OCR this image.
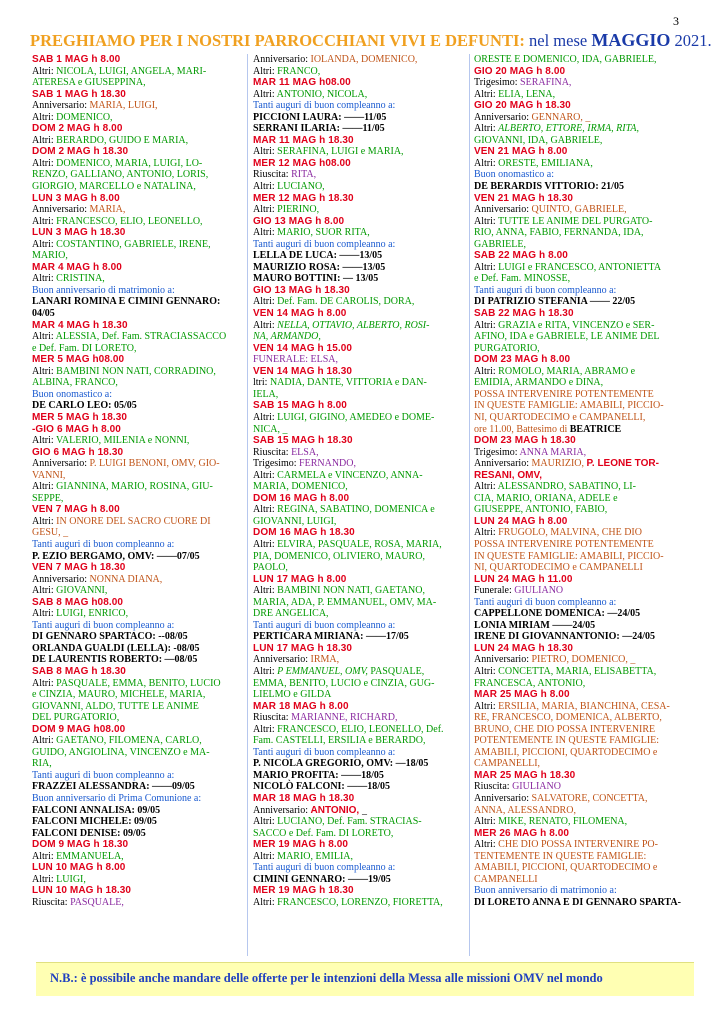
3
PREGHIAMO PER I NOSTRI PARROCCHIANI VIVI E DEFUNTI: nel mese MAGGIO 2021.
SAB 1 MAG h 8.00
Altri: NICOLA, LUIGI, ANGELA, MARI-
ATERESA e GIUSEPPINA,
SAB 1 MAG h 18.30
Anniversario: MARIA, LUIGI,
Altri: DOMENICO,
DOM 2 MAG h 8.00
Altri: BERARDO, GUIDO E MARIA,
DOM 2 MAG h 18.30
Altri: DOMENICO, MARIA, LUIGI, LO-
RENZO, GALLIANO, ANTONIO, LORIS,
GIORGIO, MARCELLO e NATALINA,
LUN 3 MAG h 8.00
Anniversario: MARIA,
Altri: FRANCESCO, ELIO, LEONELLO,
LUN 3 MAG h 18.30
Altri: COSTANTINO, GABRIELE, IRENE,
MARIO,
MAR 4 MAG h 8.00
Altri: CRISTINA,
Buon anniversario di matrimonio a:
LANARI ROMINA E CIMINI GENNARO:
04/05
MAR 4 MAG h 18.30
Altri: ALESSIA, Def. Fam. STRACIASSACCO
e Def. Fam. DI LORETO,
MER 5 MAG h08.00
Altri: BAMBINI NON NATI, CORRADINO,
ALBINA, FRANCO,
Buon onomastico a:
DE CARLO LEO: 05/05
MER 5 MAG h 18.30
-GIO 6 MAG h 8.00
Altri: VALERIO, MILENIA e NONNI,
GIO 6 MAG h 18.30
Anniversario: P. LUIGI BENONI, OMV, GIO-
VANNI,
Altri: GIANNINA, MARIO, ROSINA, GIU-
SEPPE,
VEN 7 MAG h 8.00
Altri: IN ONORE DEL SACRO CUORE DI
GESU, _
Tanti auguri di buon compleanno a:
P. EZIO BERGAMO, OMV: ——07/05
VEN 7 MAG h 18.30
Anniversario: NONNA DIANA,
Altri: GIOVANNI,
SAB 8 MAG h08.00
Altri: LUIGI, ENRICO,
Tanti auguri di buon compleanno a:
DI GENNARO SPARTACO: --08/05
ORLANDA GUALDI (LELLA): -08/05
DE LAURENTIS ROBERTO: —08/05
SAB 8 MAG h 18.30
Altri: PASQUALE, EMMA, BENITO, LUCIO
e CINZIA, MAURO, MICHELE, MARIA,
GIOVANNI, ALDO, TUTTE LE ANIME
DEL PURGATORIO,
DOM 9 MAG h08.00
Altri: GAETANO, FILOMENA, CARLO,
GUIDO, ANGIOLINA, VINCENZO e MA-
RIA,
Tanti auguri di buon compleanno a:
FRAZZEI ALESSANDRA: ——09/05
Buon anniversario di Prima Comunione a:
FALCONI ANNALISA: 09/05
FALCONI MICHELE: 09/05
FALCONI DENISE: 09/05
DOM 9 MAG h 18.30
Altri: EMMANUELA,
LUN 10 MAG h 8.00
Altri: LUIGI,
LUN 10 MAG h 18.30
Riuscita: PASQUALE,
Anniversario: IOLANDA, DOMENICO,
Altri: FRANCO,
MAR 11 MAG h08.00
Altri: ANTONIO, NICOLA,
Tanti auguri di buon compleanno a:
PICCIONI LAURA: ——11/05
SERRANI ILARIA: ——11/05
MAR 11 MAG h 18.30
Altri: SERAFINA, LUIGI e MARIA,
MER 12 MAG h08.00
Riuscita: RITA,
Altri: LUCIANO,
MER 12 MAG h 18.30
Altri: PIERINO,
GIO 13 MAG h 8.00
Altri: MARIO, SUOR RITA,
Tanti auguri di buon compleanno a:
LELLA DE LUCA: ——13/05
MAURIZIO ROSA: ——13/05
MAURO BOTTINI: — 13/05
GIO 13 MAG h 18.30
Altri: Def. Fam. DE CAROLIS, DORA,
VEN 14 MAG h 8.00
Altri: NELLA, OTTAVIO, ALBERTO, ROSI-
NA, ARMANDO,
VEN 14 MAG h 15.00
FUNERALE: ELSA,
VEN 14 MAG h 18.30
ltri: NADIA, DANTE, VITTORIA e DAN-
IELA,
SAB 15 MAG h 8.00
Altri: LUIGI, GIGINO, AMEDEO e DOME-
NICA, _
SAB 15 MAG h 18.30
Riuscita: ELSA,
Trigesimo: FERNANDO,
Altri: CARMELA e VINCENZO, ANNA-
MARIA, DOMENICO,
DOM 16 MAG h 8.00
Altri: REGINA, SABATINO, DOMENICA e
GIOVANNI, LUIGI,
DOM 16 MAG h 18.30
Altri: ELVIRA, PASQUALE, ROSA, MARIA,
PIA, DOMENICO, OLIVIERO, MAURO,
PAOLO,
LUN 17 MAG h 8.00
Altri: BAMBINI NON NATI, GAETANO,
MARIA, ADA, P. EMMANUEL, OMV, MA-
DRE ANGELICA,
Tanti auguri di buon compleanno a:
PERTICARA MIRIANA: ——17/05
LUN 17 MAG h 18.30
Anniversario: IRMA,
Altri: P EMMANUEL, OMV, PASQUALE,
EMMA, BENITO, LUCIO e CINZIA, GUG-
LIELMO e GILDA
MAR 18 MAG h 8.00
Riuscita: MARIANNE, RICHARD,
Altri: FRANCESCO, ELIO, LEONELLO, Def.
Fam. CASTELLI, ERSILIA e BERARDO,
Tanti auguri di buon compleanno a:
P. NICOLA GREGORIO, OMV: —18/05
MARIO PROFITA: ——18/05
NICOLÒ FALCONI: ——18/05
MAR 18 MAG h 18.30
Anniversario: ANTONIO, _
Altri: LUCIANO, Def. Fam. STRACIAS-
SACCO e Def. Fam. DI LORETO,
MER 19 MAG h 8.00
Altri: MARIO, EMILIA,
Tanti auguri di buon compleanno a:
CIMINI GENNARO: ——19/05
MER 19 MAG h 18.30
Altri: FRANCESCO, LORENZO, FIORETTA,
ORESTE E DOMENICO, IDA, GABRIELE,
GIO 20 MAG h 8.00
Trigesimo: SERAFINA,
Altri: ELIA, LENA,
GIO 20 MAG h 18.30
Anniversario: GENNARO, _
Altri: ALBERTO, ETTORE, IRMA, RITA,
GIOVANNI, IDA, GABRIELE,
VEN 21 MAG h 8.00
Altri: ORESTE, EMILIANA,
Buon onomastico a:
DE BERARDIS VITTORIO: 21/05
VEN 21 MAG h 18.30
Anniversario: QUINTO, GABRIELE,
Altri: TUTTE LE ANIME DEL PURGATO-
RIO, ANNA, FABIO, FERNANDA, IDA,
GABRIELE,
SAB 22 MAG h 8.00
Altri: LUIGI e FRANCESCO, ANTONIETTA
e Def. Fam. MINOSSE,
Tanti auguri di buon compleanno a:
DI PATRIZIO STEFANIA —— 22/05
SAB 22 MAG h 18.30
Altri: GRAZIA e RITA, VINCENZO e SER-
AFINO, IDA e GABRIELE, LE ANIME DEL
PURGATORIO,
DOM 23 MAG h 8.00
Altri: ROMOLO, MARIA, ABRAMO e
EMIDIA, ARMANDO e DINA,
POSSA INTERVENIRE POTENTEMENTE
IN QUESTE FAMIGLIE: AMABILI, PICCIO-
NI, QUARTODECIMO e CAMPANELLI,
ore 11.00, Battesimo di BEATRICE
DOM 23 MAG h 18.30
Trigesimo: ANNA MARIA,
Anniversario: MAURIZIO, P. LEONE TOR-
RESANI, OMV,
Altri: ALESSANDRO, SABATINO, LI-
CIA, MARIO, ORIANA, ADELE e
GIUSEPPE, ANTONIO, FABIO,
LUN 24 MAG h 8.00
Altri: FRUGOLO, MALVINA, CHE DIO
POSSA INTERVENIRE POTENTEMENTE
IN QUESTE FAMIGLIE: AMABILI, PICCIO-
NI, QUARTODECIMO e CAMPANELLI
LUN 24 MAG h 11.00
Funerale: GIULIANO
Tanti auguri di buon compleanno a:
CAPPELLONE DOMENICA: —24/05
LONIA MIRIAM ——24/05
IRENE DI GIOVANNANTONIO: —24/05
LUN 24 MAG h 18.30
Anniversario: PIETRO, DOMENICO, _
Altri: CONCETTA, MARIA, ELISABETTA,
FRANCESCA, ANTONIO,
MAR 25 MAG h 8.00
Altri: ERSILIA, MARIA, BIANCHINA, CESA-
RE, FRANCESCO, DOMENICA, ALBERTO,
BRUNO, CHE DIO POSSA INTERVENIRE
POTENTEMENTE IN QUESTE FAMIGLIE:
AMABILI, PICCIONI, QUARTODECIMO e
CAMPANELLI,
MAR 25 MAG h 18.30
Riuscita: GIULIANO
Anniversario: SALVATORE, CONCETTA,
ANNA, ALESSANDRO,
Altri: MIKE, RENATO, FILOMENA,
MER 26 MAG h 8.00
Altri: CHE DIO POSSA INTERVENIRE PO-
TENTEMENTE IN QUESTE FAMIGLIE:
AMABILI, PICCIONI, QUARTODECIMO e
CAMPANELLI
Buon anniversario di matrimonio a:
DI LORETO ANNA E DI GENNARO SPARTA-
N.B.: è possibile anche mandare delle offerte per le intenzioni della Messa alle missioni OMV nel mondo
